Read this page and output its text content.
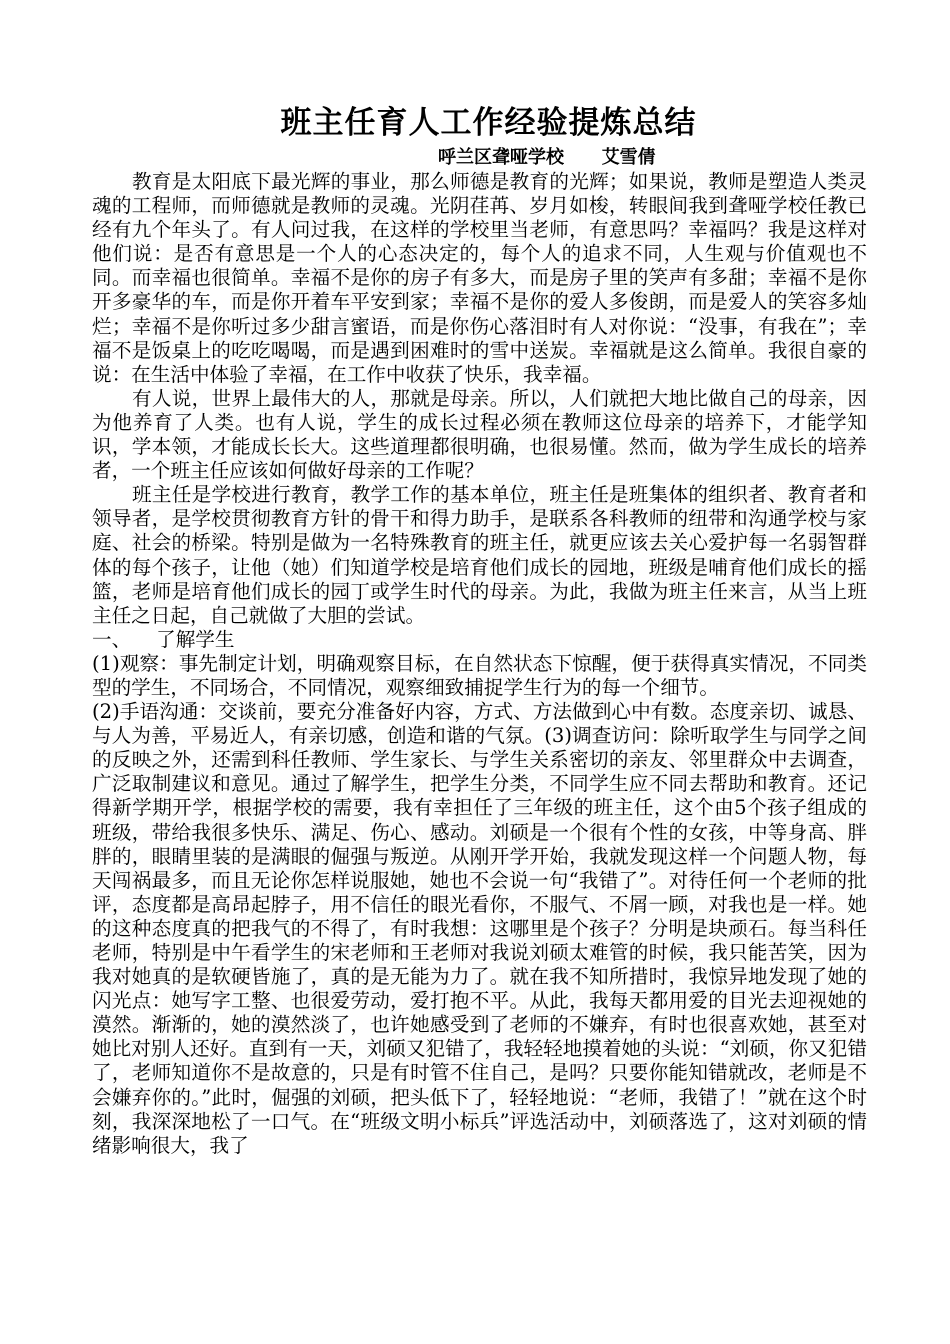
班主任育人工作经验提炼总结
呼兰区聋哑学校      艾雪倩

教育是太阳底下最光辉的事业，那么师德是教育的光辉；如果说，教师是塑造人类灵魂的工程师，而师德就是教师的灵魂。光阴荏苒、岁月如梭，转眼间我到聋哑学校任教已经有九个年头了。有人问过我，在这样的学校里当老师，有意思吗？幸福吗？我是这样对他们说：是否有意思是一个人的心态决定的，每个人的追求不同，人生观与价值观也不同。而幸福也很简单。幸福不是你的房子有多大，而是房子里的笑声有多甜；幸福不是你开多豪华的车，而是你开着车平安到家；幸福不是你的爱人多俊朗，而是爱人的笑容多灿烂；幸福不是你听过多少甜言蜜语，而是你伤心落泪时有人对你说：“没事，有我在”；幸福不是饭桌上的吃吃喝喝，而是遇到困难时的雪中送炭。幸福就是这么简单。我很自豪的说：在生活中体验了幸福，在工作中收获了快乐，我幸福。

有人说，世界上最伟大的人，那就是母亲。所以，人们就把大地比做自己的母亲，因为他养育了人类。也有人说，学生的成长过程必须在教师这位母亲的培养下，才能学知识，学本领，才能成长长大。这些道理都很明确，也很易懂。然而，做为学生成长的培养者，一个班主任应该如何做好母亲的工作呢？

班主任是学校进行教育，教学工作的基本单位，班主任是班集体的组织者、教育者和领导者，是学校贯彻教育方针的骨干和得力助手，是联系各科教师的纽带和沟通学校与家庭、社会的桥梁。特别是做为一名特殊教育的班主任，就更应该去关心爱护每一名弱智群体的每个孩子，让他（她）们知道学校是培育他们成长的园地，班级是哺育他们成长的摇篮，老师是培育他们成长的园丁或学生时代的母亲。为此，我做为班主任来言，从当上班主任之日起，自己就做了大胆的尝试。

一、    了解学生

(1)观察：事先制定计划，明确观察目标，在自然状态下惊醒，便于获得真实情况，不同类型的学生，不同场合，不同情况，观察细致捕捉学生行为的每一个细节。

(2)手语沟通：交谈前，要充分准备好内容，方式、方法做到心中有数。态度亲切、诚恳、与人为善，平易近人，有亲切感，创造和谐的气氛。(3)调查访问：除听取学生与同学之间的反映之外，还需到科任教师、学生家长、与学生关系密切的亲友、邻里群众中去调查，广泛取制建议和意见。通过了解学生，把学生分类，不同学生应不同去帮助和教育。还记得新学期开学，根据学校的需要，我有幸担任了三年级的班主任，这个由5个孩子组成的班级，带给我很多快乐、满足、伤心、感动。刘硕是一个很有个性的女孩，中等身高、胖胖的，眼睛里装的是满眼的倔强与叛逆。从刚开学开始，我就发现这样一个问题人物，每天闯祸最多，而且无论你怎样说服她，她也不会说一句“我错了”。对待任何一个老师的批评，态度都是高昂起脖子，用不信任的眼光看你，不服气、不屑一顾，对我也是一样。她的这种态度真的把我气的不得了，有时我想：这哪里是个孩子？分明是块顽石。每当科任老师，特别是中午看学生的宋老师和王老师对我说刘硕太难管的时候，我只能苦笑，因为我对她真的是软硬皆施了，真的是无能为力了。就在我不知所措时，我惊异地发现了她的闪光点：她写字工整、也很爱劳动，爱打抱不平。从此，我每天都用爱的目光去迎视她的漠然。渐渐的，她的漠然淡了，也许她感受到了老师的不嫌弃，有时也很喜欢她，甚至对她比对别人还好。直到有一天，刘硕又犯错了，我轻轻地摸着她的头说：“刘硕，你又犯错了，老师知道你不是故意的，只是有时管不住自己，是吗？只要你能知错就改，老师是不会嫌弃你的。”此时，倔强的刘硕，把头低下了，轻轻地说：“老师，我错了！”就在这个时刻，我深深地松了一口气。在“班级文明小标兵”评选活动中，刘硕落选了，这对刘硕的情绪影响很大，我了
